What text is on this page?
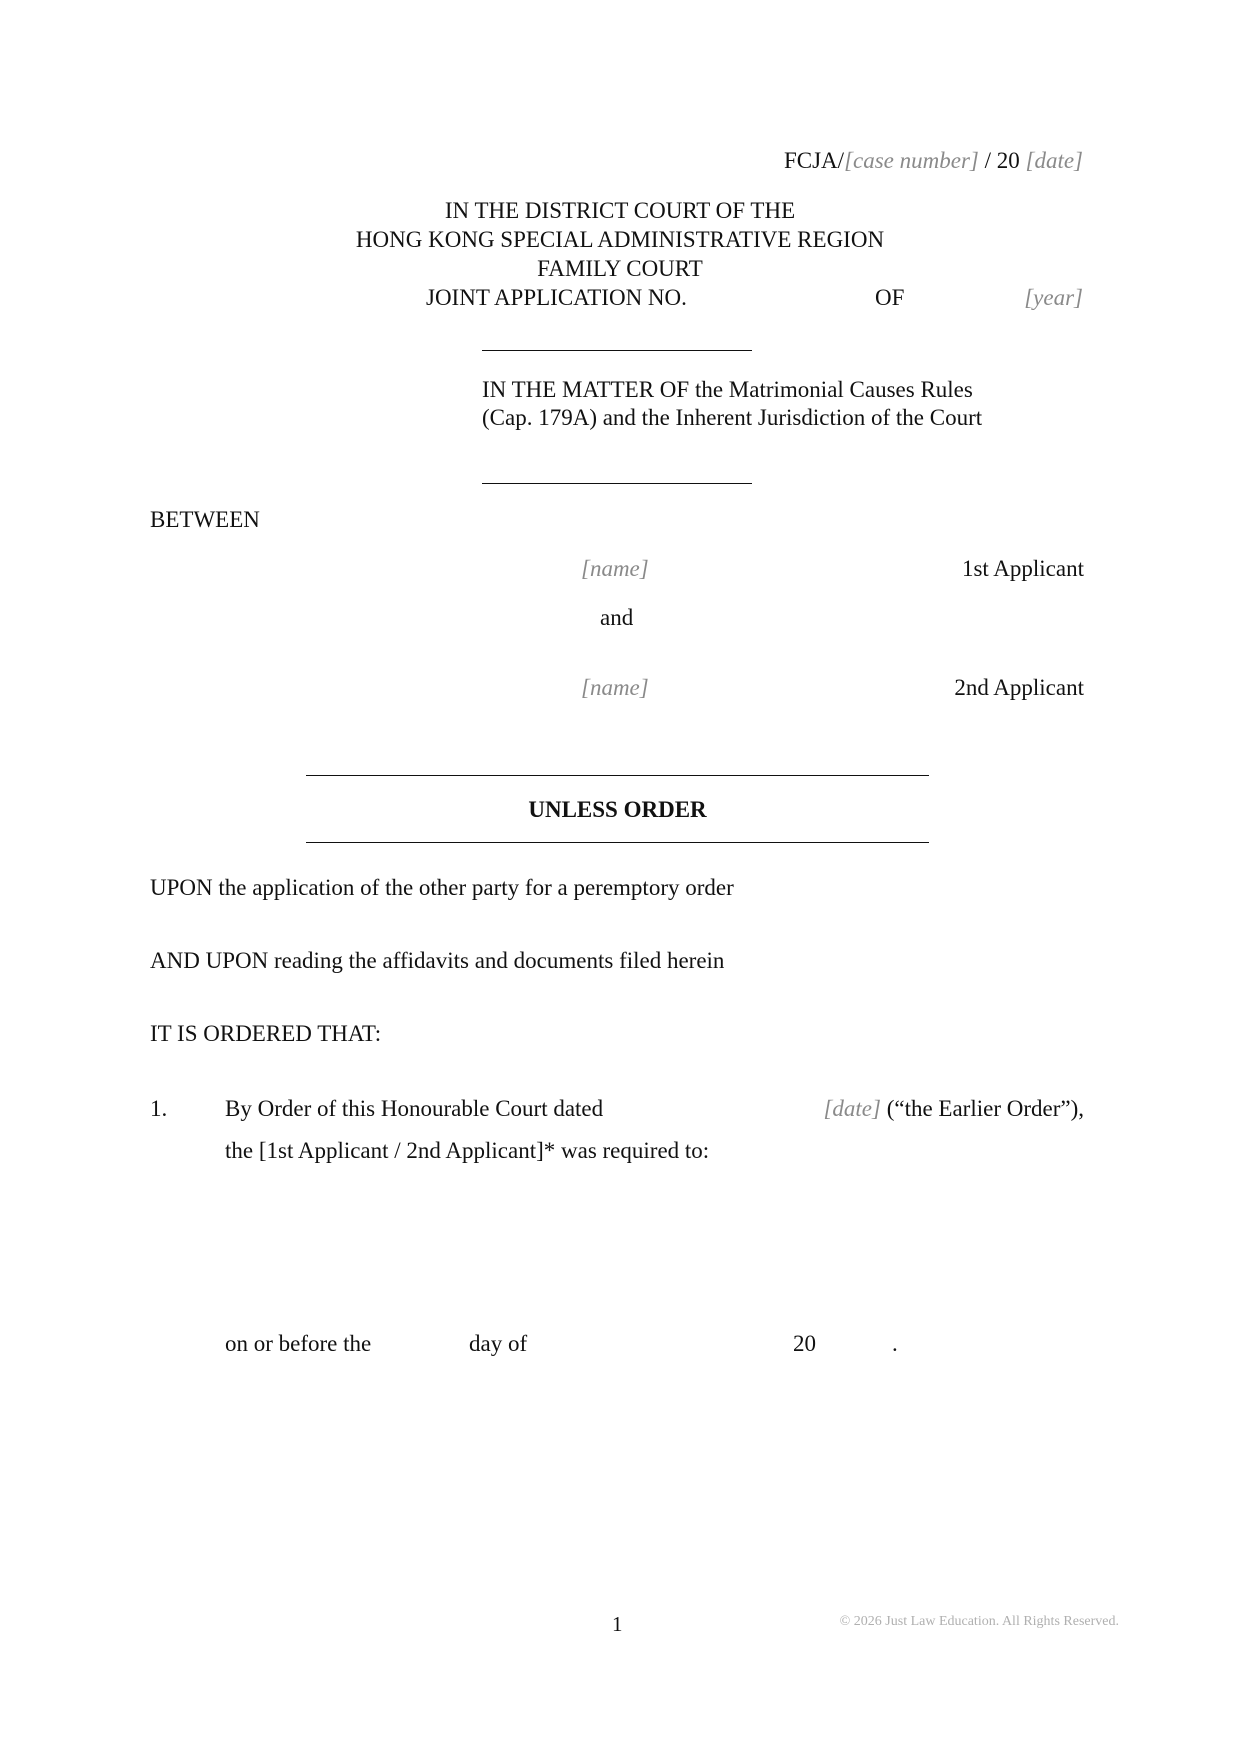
FCJA/[case number] / 20 [date]
IN THE DISTRICT COURT OF THE
HONG KONG SPECIAL ADMINISTRATIVE REGION
FAMILY COURT
JOINT APPLICATION NO.	OF	[year]
IN THE MATTER OF the Matrimonial Causes Rules
(Cap. 179A) and the Inherent Jurisdiction of the Court
BETWEEN
[name]	1st Applicant
and
[name]	2nd Applicant
UNLESS ORDER
UPON the application of the other party for a peremptory order
AND UPON reading the affidavits and documents filed herein
IT IS ORDERED THAT:
1.	By Order of this Honourable Court dated	[date] (“the Earlier Order”),
the [1st Applicant / 2nd Applicant]* was required to:
on or before the	day of	20	.
1	© 2026 Just Law Education. All Rights Reserved.
